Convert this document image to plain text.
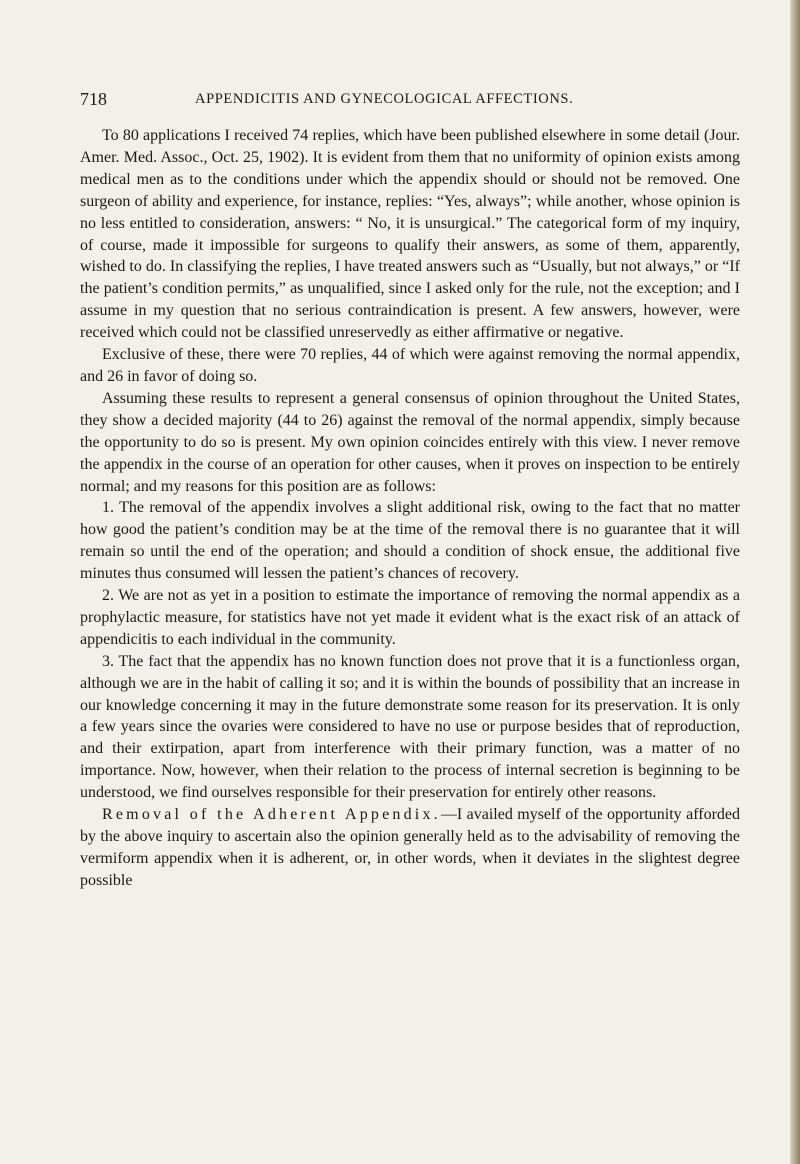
718	APPENDICITIS AND GYNECOLOGICAL AFFECTIONS.

To 80 applications I received 74 replies, which have been published elsewhere in some detail (Jour. Amer. Med. Assoc., Oct. 25, 1902). It is evident from them that no uniformity of opinion exists among medical men as to the conditions under which the appendix should or should not be removed. One surgeon of ability and experience, for instance, replies: “Yes, always”; while another, whose opinion is no less entitled to consideration, answers: “ No, it is unsurgical.” The categorical form of my inquiry, of course, made it impossible for surgeons to qualify their answers, as some of them, apparently, wished to do. In classifying the replies, I have treated answers such as “Usually, but not always,” or “If the patient’s condition permits,” as unqualified, since I asked only for the rule, not the exception; and I assume in my question that no serious contraindication is present. A few answers, however, were received which could not be classified unreservedly as either affirmative or negative.

Exclusive of these, there were 70 replies, 44 of which were against removing the normal appendix, and 26 in favor of doing so.

Assuming these results to represent a general consensus of opinion throughout the United States, they show a decided majority (44 to 26) against the removal of the normal appendix, simply because the opportunity to do so is present. My own opinion coincides entirely with this view. I never remove the appendix in the course of an operation for other causes, when it proves on inspection to be entirely normal; and my reasons for this position are as follows:

1. The removal of the appendix involves a slight additional risk, owing to the fact that no matter how good the patient’s condition may be at the time of the removal there is no guarantee that it will remain so until the end of the operation; and should a condition of shock ensue, the additional five minutes thus consumed will lessen the patient’s chances of recovery.

2. We are not as yet in a position to estimate the importance of removing the normal appendix as a prophylactic measure, for statistics have not yet made it evident what is the exact risk of an attack of appendicitis to each individual in the community.

3. The fact that the appendix has no known function does not prove that it is a functionless organ, although we are in the habit of calling it so; and it is within the bounds of possibility that an increase in our knowledge concerning it may in the future demonstrate some reason for its preservation. It is only a few years since the ovaries were considered to have no use or purpose besides that of reproduction, and their extirpation, apart from interference with their primary function, was a matter of no importance. Now, however, when their relation to the process of internal secretion is beginning to be understood, we find ourselves responsible for their preservation for entirely other reasons.

Removal of the Adherent Appendix.—I availed myself of the opportunity afforded by the above inquiry to ascertain also the opinion generally held as to the advisability of removing the vermiform appendix when it is adherent, or, in other words, when it deviates in the slightest degree possible
